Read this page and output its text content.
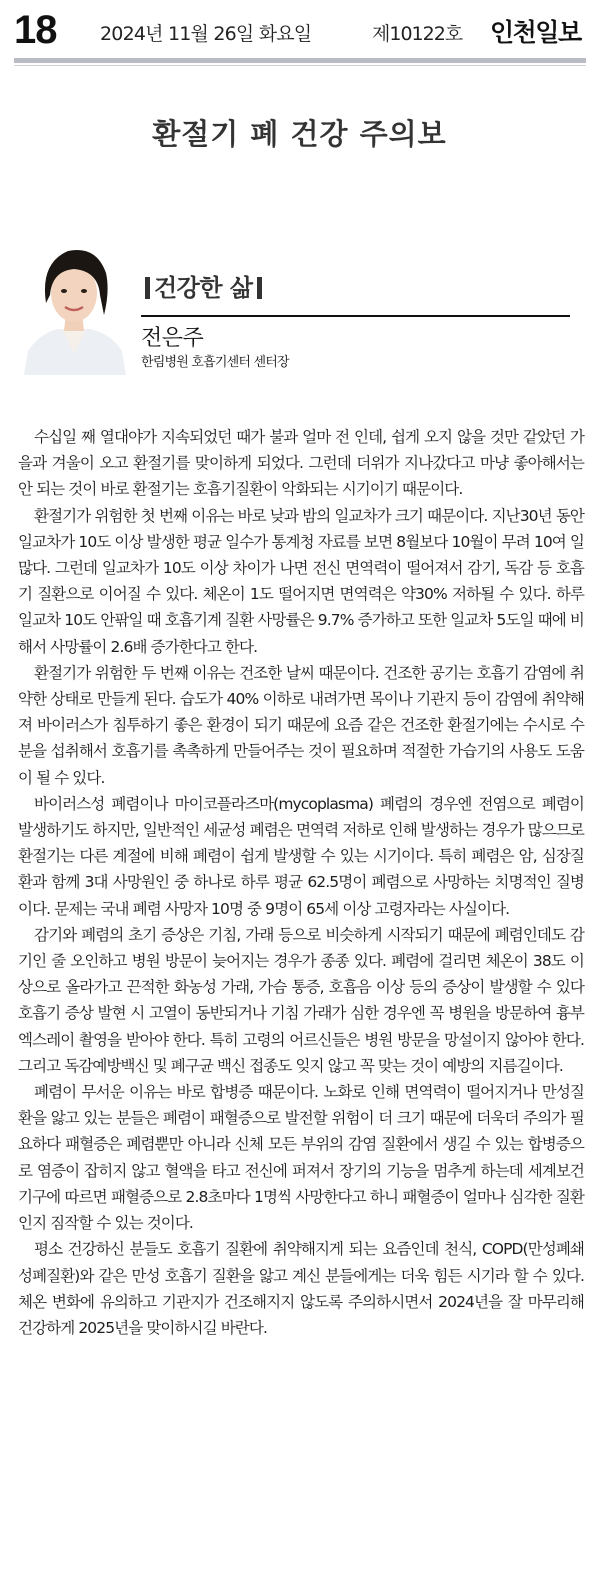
18 2024년 11월 26일 화요일	제10122호 인천일보
환절기 폐 건강 주의보
건강한 삶
전은주
한림병원 호흡기센터 센터장

수십일 째 열대야가 지속되었던 때가 불과 얼마 전 인데, 쉽게 오지 않을 것만 같았던 가을과 겨울이 오고 환절기를 맞이하게 되었다. 그런데 더위가 지나갔다고 마냥 좋아해서는 안 되는 것이 바로 환절기는 호흡기질환이 악화되는 시기이기 때문이다.

환절기가 위험한 첫 번째 이유는 바로 낮과 밤의 일교차가 크기 때문이다. 지난30년 동안 일교차가 10도 이상 발생한 평균 일수가 통계청 자료를 보면 8월보다 10월이 무려 10여 일 많다. 그런데 일교차가 10도 이상 차이가 나면 전신 면역력이 떨어져서 감기, 독감 등 호흡기 질환으로 이어질 수 있다. 체온이 1도 떨어지면 면역력은 약30% 저하될 수 있다. 하루 일교차 10도 안팎일 때 호흡기계 질환 사망률은 9.7% 증가하고 또한 일교차 5도일 때에 비해서 사망률이 2.6배 증가한다고 한다.

환절기가 위험한 두 번째 이유는 건조한 날씨 때문이다. 건조한 공기는 호흡기 감염에 취약한 상태로 만들게 된다. 습도가 40% 이하로 내려가면 목이나 기관지 등이 감염에 취약해져 바이러스가 침투하기 좋은 환경이 되기 때문에 요즘 같은 건조한 환절기에는 수시로 수분을 섭취해서 호흡기를 촉촉하게 만들어주는 것이 필요하며 적절한 가습기의 사용도 도움이 될 수 있다.

바이러스성 폐렴이나 마이코플라즈마(mycoplasma) 폐렴의 경우엔 전염으로 폐렴이 발생하기도 하지만, 일반적인 세균성 폐렴은 면역력 저하로 인해 발생하는 경우가 많으므로 환절기는 다른 계절에 비해 폐렴이 쉽게 발생할 수 있는 시기이다. 특히 폐렴은 암, 심장질환과 함께 3대 사망원인 중 하나로 하루 평균 62.5명이 폐렴으로 사망하는 치명적인 질병이다. 문제는 국내 폐렴 사망자 10명 중 9명이 65세 이상 고령자라는 사실이다.

감기와 폐렴의 초기 증상은 기침, 가래 등으로 비슷하게 시작되기 때문에 폐렴인데도 감기인 줄 오인하고 병원 방문이 늦어지는 경우가 종종 있다. 폐렴에 걸리면 체온이 38도 이상으로 올라가고 끈적한 화농성 가래, 가슴 통증, 호흡음 이상 등의 증상이 발생할 수 있다 호흡기 증상 발현 시 고열이 동반되거나 기침 가래가 심한 경우엔 꼭 병원을 방문하여 흉부 엑스레이 촬영을 받아야 한다. 특히 고령의 어르신들은 병원 방문을 망설이지 않아야 한다. 그리고 독감예방백신 및 폐구균 백신 접종도 잊지 않고 꼭 맞는 것이 예방의 지름길이다.

폐렴이 무서운 이유는 바로 합병증 때문이다. 노화로 인해 면역력이 떨어지거나 만성질환을 앓고 있는 분들은 폐렴이 패혈증으로 발전할 위험이 더 크기 때문에 더욱더 주의가 필요하다 패혈증은 폐렴뿐만 아니라 신체 모든 부위의 감염 질환에서 생길 수 있는 합병증으로 염증이 잡히지 않고 혈액을 타고 전신에 퍼져서 장기의 기능을 멈추게 하는데 세계보건기구에 따르면 패혈증으로 2.8초마다 1명씩 사망한다고 하니 패혈증이 얼마나 심각한 질환인지 짐작할 수 있는 것이다.

평소 건강하신 분들도 호흡기 질환에 취약해지게 되는 요즘인데 천식, COPD(만성폐쇄성폐질환)와 같은 만성 호흡기 질환을 앓고 계신 분들에게는 더욱 힘든 시기라 할 수 있다. 체온 변화에 유의하고 기관지가 건조해지지 않도록 주의하시면서 2024년을 잘 마무리해 건강하게 2025년을 맞이하시길 바란다.
